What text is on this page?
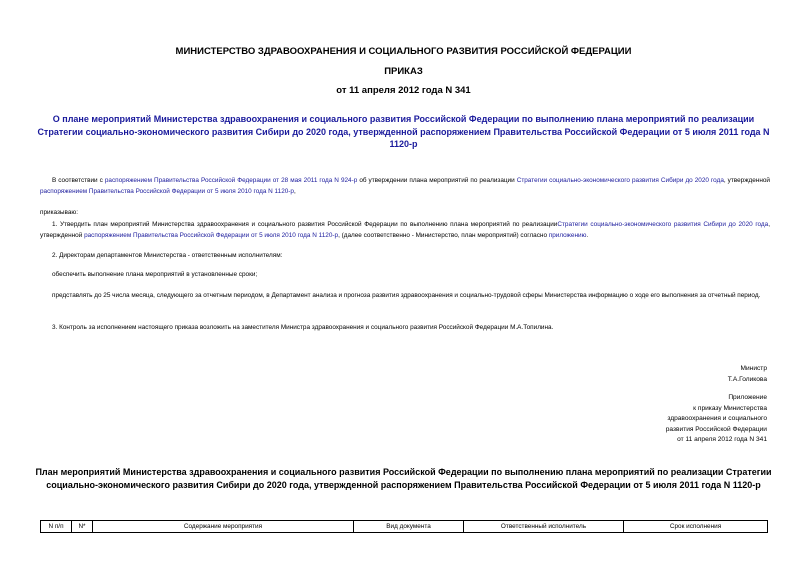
МИНИСТЕРСТВО ЗДРАВООХРАНЕНИЯ И СОЦИАЛЬНОГО РАЗВИТИЯ РОССИЙСКОЙ ФЕДЕРАЦИИ
ПРИКАЗ
от 11 апреля 2012 года N 341
О плане мероприятий Министерства здравоохранения и социального развития Российской Федерации по выполнению плана мероприятий по реализации
Стратегии социально-экономического развития Сибири до 2020 года, утвержденной распоряжением Правительства Российской Федерации от 5 июля 2011 года N
1120-р
В соответствии с распоряжением Правительства Российской Федерации от 28 мая 2011 года N 924-р об утверждении плана мероприятий по реализации Стратегии социально-экономического развития Сибири до 2020 года, утвержденной распоряжением Правительства Российской Федерации от 5 июля 2010 года N 1120-р,
приказываю:
1. Утвердить план мероприятий Министерства здравоохранения и социального развития Российской Федерации по выполнению плана мероприятий по реализацииСтратегии социально-экономического развития Сибири до 2020 года, утвержденной распоряжением Правительства Российской Федерации от 5 июля 2010 года N 1120-р, (далее соответственно - Министерство, план мероприятий) согласно приложению.
2. Директорам департаментов Министерства - ответственным исполнителям:
обеспечить выполнение плана мероприятий в установленные сроки;
представлять до 25 числа месяца, следующего за отчетным периодом, в Департамент анализа и прогноза развития здравоохранения и социально-трудовой сферы Министерства информацию о ходе его выполнения за отчетный период.
3. Контроль за исполнением настоящего приказа возложить на заместителя Министра здравоохранения и социального развития Российской Федерации М.А.Топилина.
Министр
Т.А.Голикова
Приложение
к приказу Министерства
здравоохранения и социального
развития Российской Федерации
от 11 апреля 2012 года N 341
План мероприятий Министерства здравоохранения и социального развития Российской Федерации по выполнению плана мероприятий по реализации Стратегии
социально-экономического развития Сибири до 2020 года, утвержденной распоряжением Правительства Российской Федерации от 5 июля 2011 года N 1120-р
N п/п	N*	Содержание мероприятия	Вид документа	Ответственный исполнитель	Срок исполнения
